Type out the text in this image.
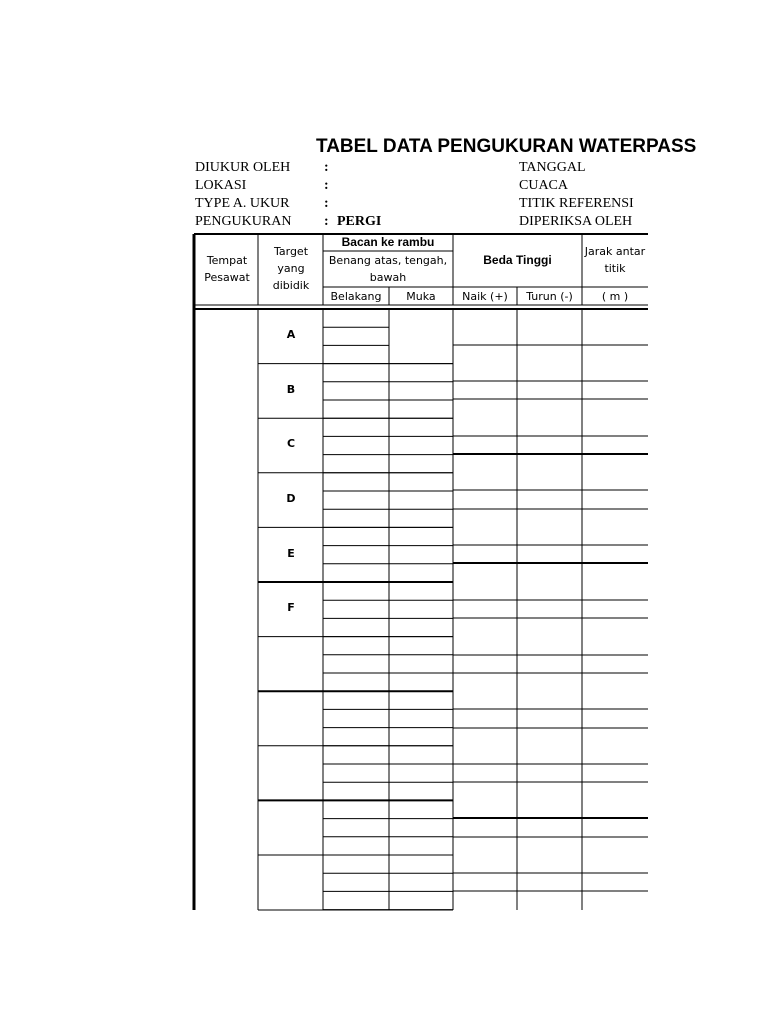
TABEL DATA PENGUKURAN WATERPASS
DIUKUR OLEH
LOKASI
TYPE A. UKUR
PENGUKURAN
:
:
:
: PERGI
TANGGAL
CUACA
TITIK REFERENSI
DIPERIKSA OLEH
Tempat Pesawat
Target yang dibidik
Bacan ke rambu
Benang atas, tengah, bawah
Belakang	Muka
Beda Tinggi
Naik (+)	Turun (-)
Jarak antar titik
( m )
A
B
C
D
E
F
